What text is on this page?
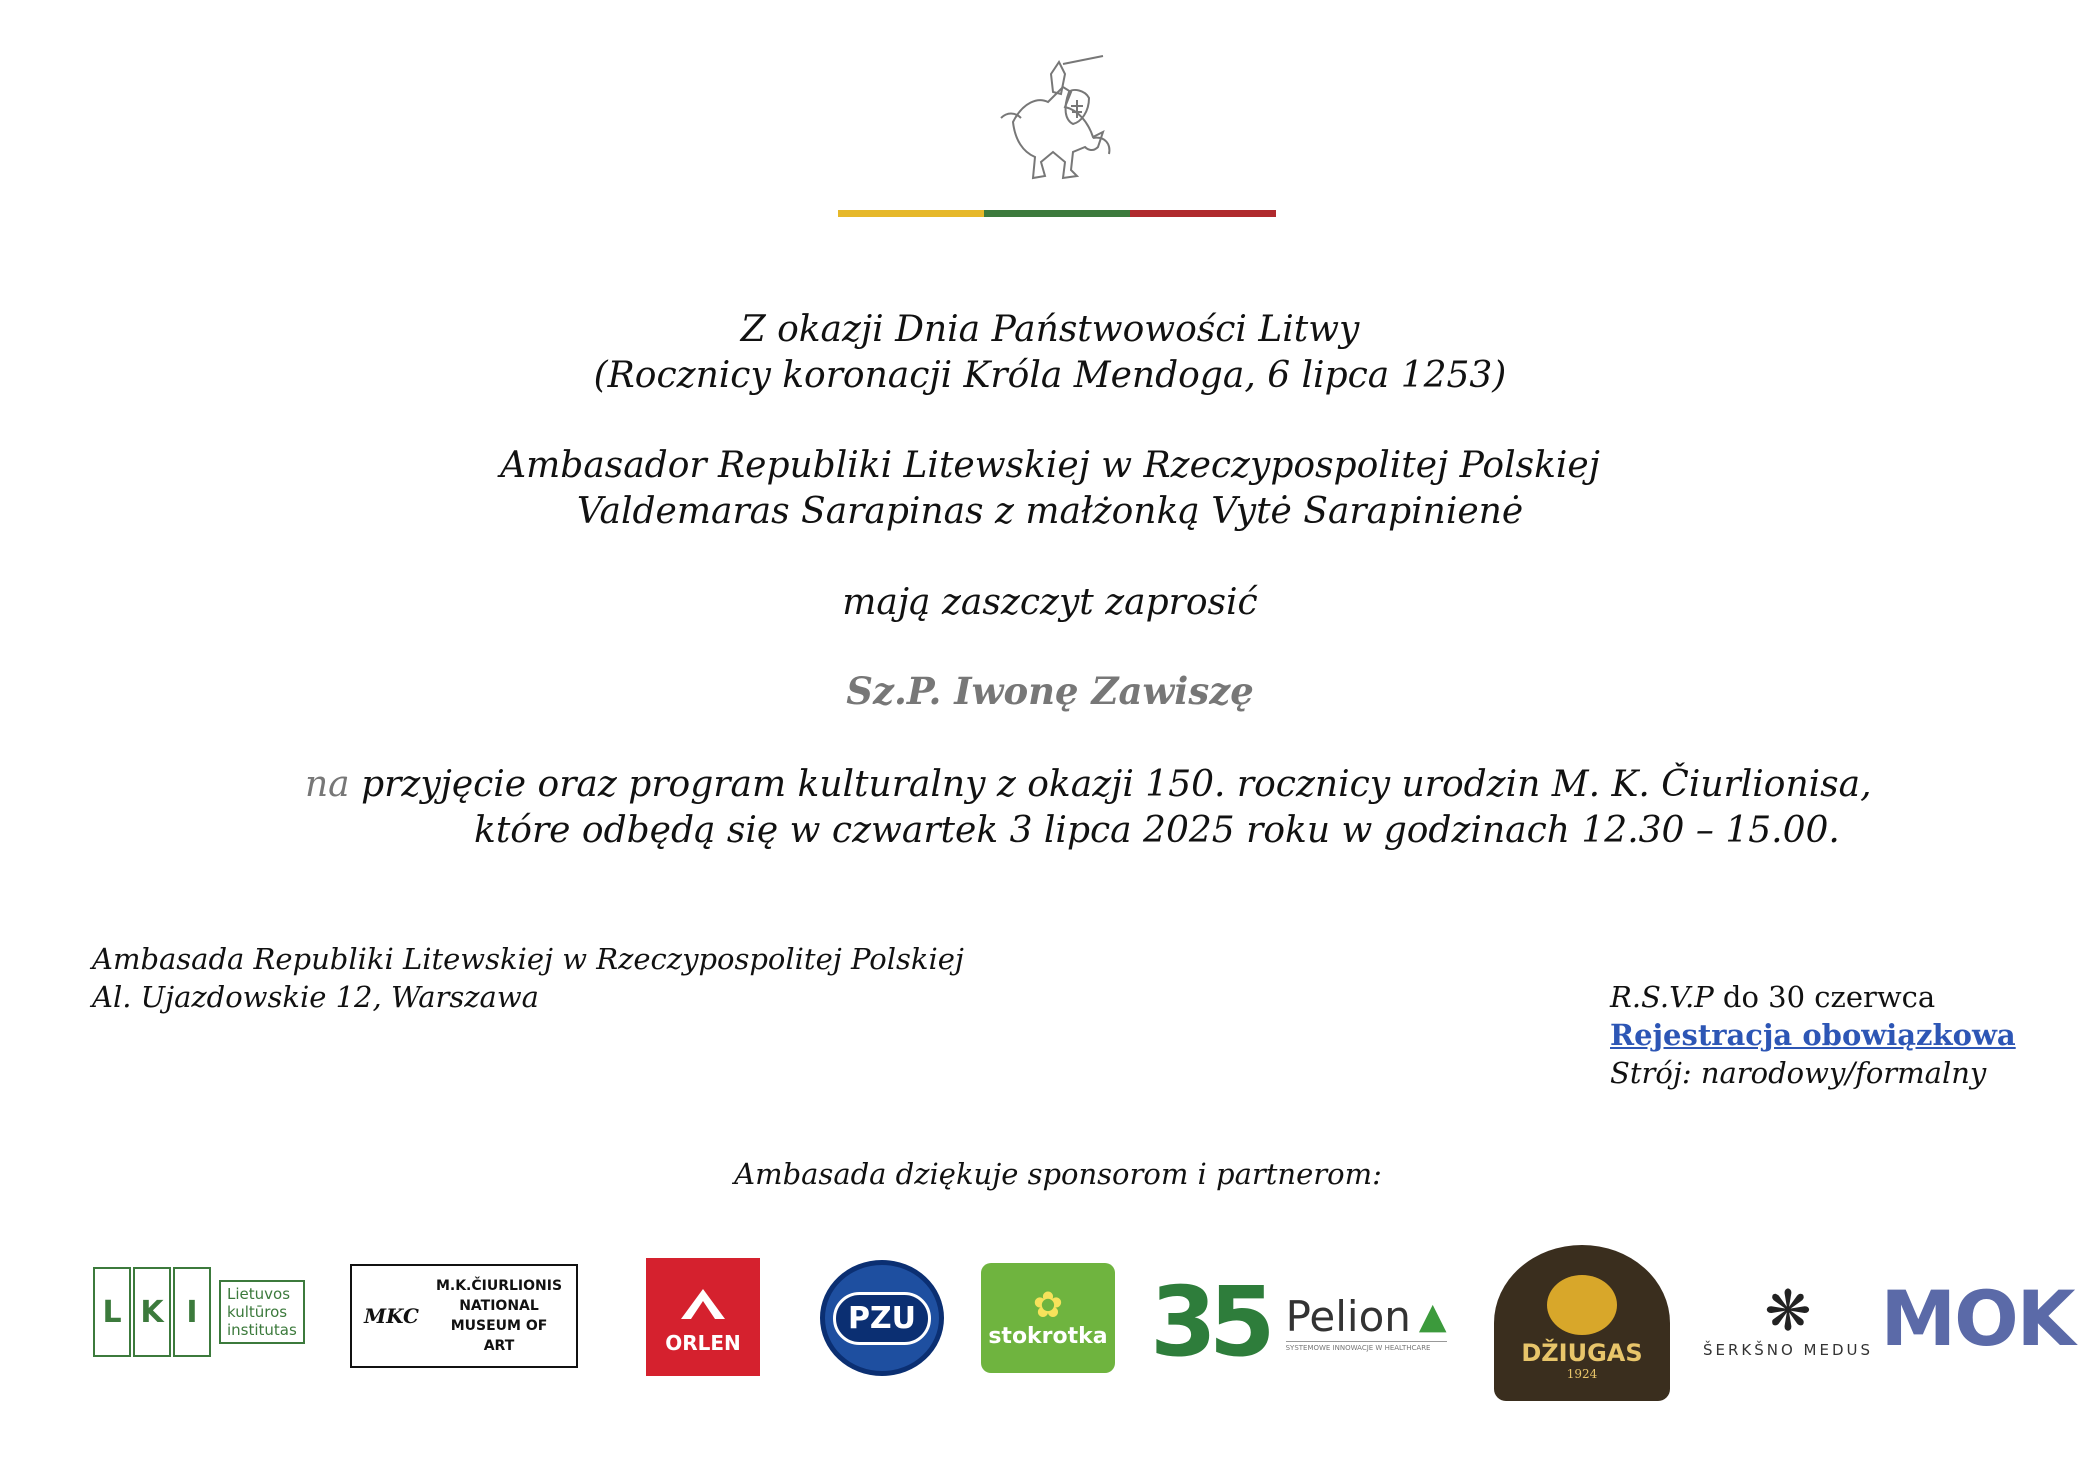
Z okazji Dnia Państwowości Litwy
(Rocznicy koronacji Króla Mendoga, 6 lipca 1253)
Ambasador Republiki Litewskiej w Rzeczypospolitej Polskiej
Valdemaras Sarapinas z małżonką Vytė Sarapinienė
mają zaszczyt zaprosić
Sz.P. Iwonę Zawiszę
na przyjęcie oraz program kulturalny z okazji 150. rocznicy urodzin M. K. Čiurlionisa,
które odbędą się w czwartek 3 lipca 2025 roku w godzinach 12.30 – 15.00.
Ambasada Republiki Litewskiej w Rzeczypospolitej Polskiej
Al. Ujazdowskie 12, Warszawa	R.S.V.P do 30 czerwca
Rejestracja obowiązkowa
Strój: narodowy/formalny
Ambasada dziękuje sponsorom i partnerom:
L K I
Lietuvos
kultūros
institutas
MKC
M.K.ČIURLIONIS
NATIONAL
MUSEUM OF ART	ORLEN
PZU	✿
stokrotka 35 Pelion ▲
SYSTEMOWE INNOWACJE W HEALTHCARE	DŽIUGAS
1924
❋
ŠERKŠNO MEDUS MOK
